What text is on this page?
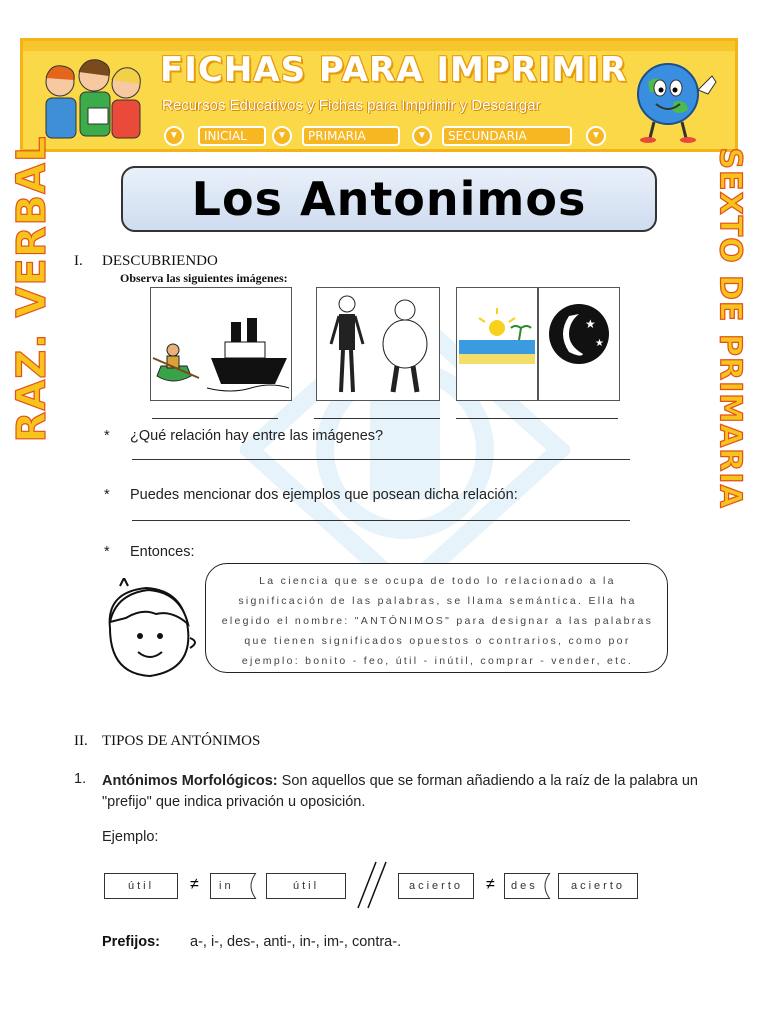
FICHAS PARA IMPRIMIR
Recursos Educativos y Fichas para Imprimir y Descargar
▼	INICIAL	▼	PRIMARIA	▼	SECUNDARIA	▼
RAZ. VERBAL	SEXTO DE PRIMARIA
Los Antonimos
I. DESCUBRIENDO
Observa las siguientes imágenes:
★
★
* ¿Qué relación hay entre las imágenes?
* Puedes mencionar dos ejemplos que posean dicha relación:
* Entonces:
La ciencia que se ocupa de todo lo relacionado a la significación de las palabras, se llama semántica. Ella ha elegido el nombre: "ANTÓNIMOS" para designar a las palabras que tienen significados opuestos o contrarios, como por ejemplo: bonito - feo, útil - inútil, comprar - vender, etc.
II. TIPOS DE ANTÓNIMOS
1. Antónimos Morfológicos: Son aquellos que se forman añadiendo a la raíz de la palabra un "prefijo" que indica privación u oposición.
Ejemplo:
útil	≠	in	útil	acierto	≠	des	acierto
Prefijos: a-, i-, des-, anti-, in-, im-, contra-.
